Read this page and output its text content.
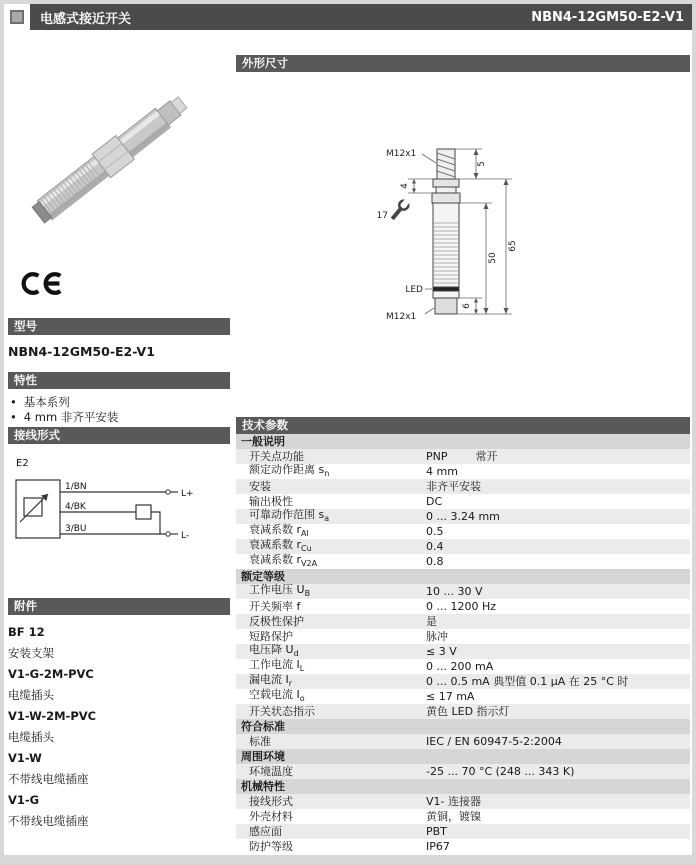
电感式接近开关	NBN4-12GM50-E2-V1
型号
NBN4-12GM50-E2-V1
特性
• 基本系列
• 4 mm 非齐平安装
接线形式
E2
1/BN
L+
4/BK
3/BU
L-
附件
BF 12
安装支架
V1-G-2M-PVC
电缆插头
V1-W-2M-PVC
电缆插头
V1-W
不带线电缆插座
V1-G
不带线电缆插座
外形尺寸
M12x1
5
4
17
50
65
6
LED
M12x1
技术参数
一般说明
开关点功能	PNP        常开
额定动作距离 $s_n$	4 mm
安装	非齐平安装
输出极性	DC
可靠动作范围 $s_a$	0 ... 3.24 mm
衰减系数 $r_{Al}$	0.5
衰减系数 $r_{Cu}$	0.4
衰减系数 $r_{V2A}$	0.8
额定等级
工作电压 $U_B$	10 ... 30 V
开关频率 f	0 ... 1200 Hz
反极性保护	是
短路保护	脉冲
电压降 $U_d$	≤ 3 V
工作电流 $I_L$	0 ... 200 mA
漏电流 $I_r$	0 ... 0.5 mA 典型值 0.1 μA 在 25 °C 时
空载电流 $I_o$	≤ 17 mA
开关状态指示	黄色 LED 指示灯
符合标准
标准	IEC / EN 60947-5-2:2004
周围环境
环境温度	-25 ... 70 °C (248 ... 343 K)
机械特性
接线形式	V1- 连接器
外壳材料	黄铜，镀镍
感应面	PBT
防护等级	IP67
